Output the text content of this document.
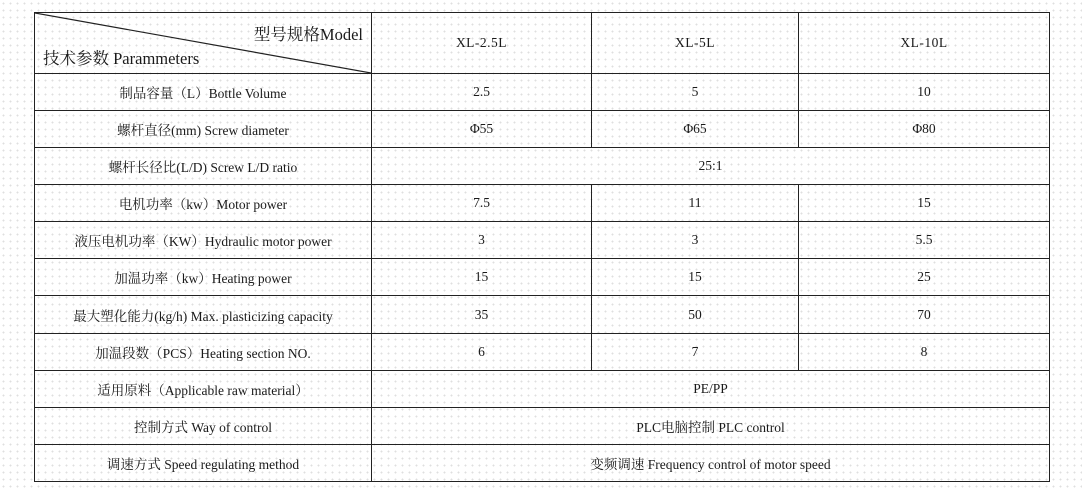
型号规格Model
技术参数 Parammeters	XL-2.5L	XL-5L	XL-10L
制品容量（L）Bottle Volume	2.5	5	10
螺杆直径(mm) Screw diameter	Φ55	Φ65	Φ80
螺杆长径比(L/D) Screw L/D ratio	25:1		
电机功率（kw）Motor power	7.5	11	15
液压电机功率（KW）Hydraulic motor power	3	3	5.5
加温功率（kw）Heating power	15	15	25
最大塑化能力(kg/h) Max. plasticizing capacity	35	50	70
加温段数（PCS）Heating section NO.	6	7	8
适用原料（Applicable raw material）	PE/PP		
控制方式 Way of control	PLC电脑控制 PLC control		
调速方式 Speed regulating method	变频调速 Frequency control of motor speed		
